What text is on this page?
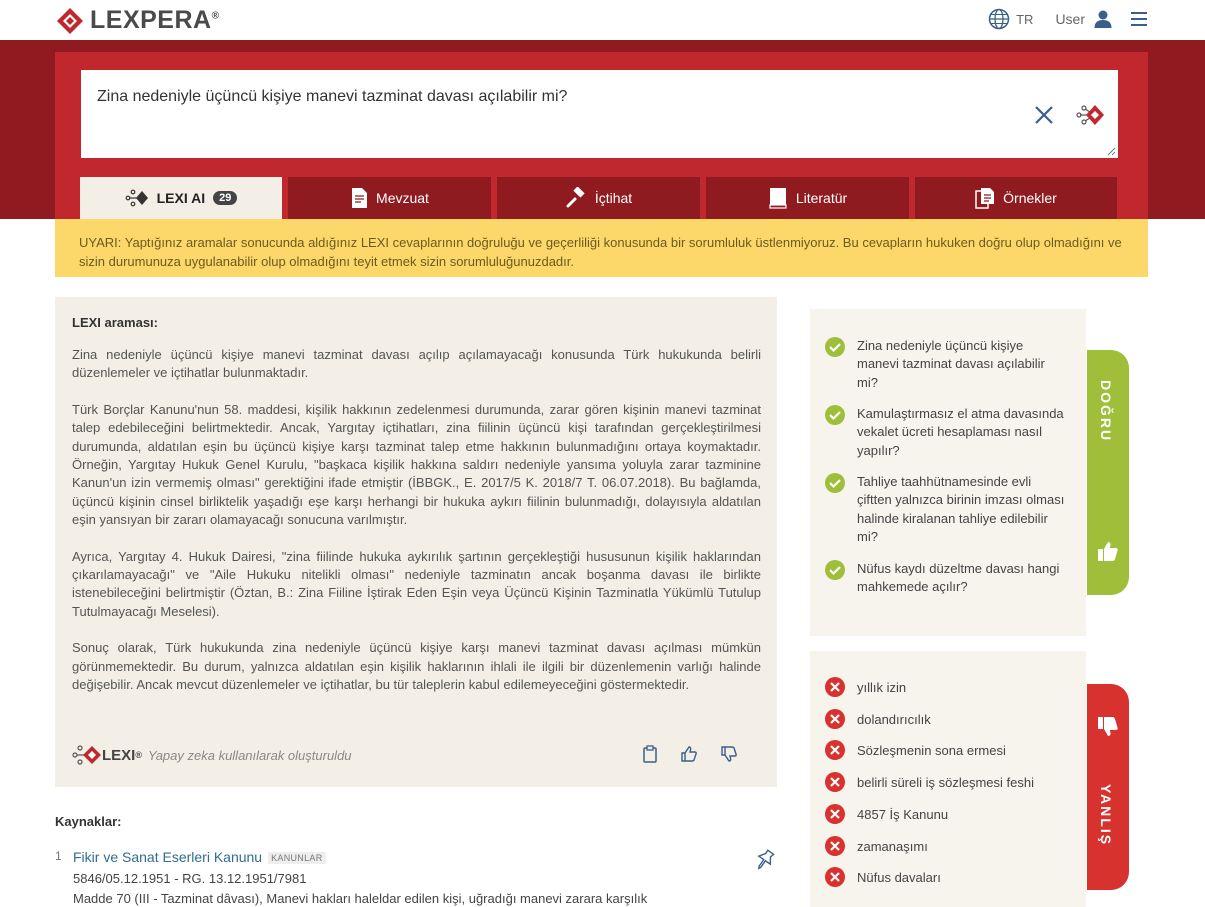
LEXPERA®	TR User
Zina nedeniyle üçüncü kişiye manevi tazminat davası açılabilir mi?
LEXI AI	29	Mevzuat	İçtihat	Literatür	Örnekler
UYARI: Yaptığınız aramalar sonucunda aldığınız LEXI cevaplarının doğruluğu ve geçerliliği konusunda bir sorumluluk üstlenmiyoruz. Bu cevapların hukuken doğru olup olmadığını ve sizin durumunuza uygulanabilir olup olmadığını teyit etmek sizin sorumluluğunuzdadır.
LEXI araması:

Zina nedeniyle üçüncü kişiye manevi tazminat davası açılıp açılamayacağı konusunda Türk hukukunda belirli düzenlemeler ve içtihatlar bulunmaktadır.

Türk Borçlar Kanunu'nun 58. maddesi, kişilik hakkının zedelenmesi durumunda, zarar gören kişinin manevi tazminat talep edebileceğini belirtmektedir. Ancak, Yargıtay içtihatları, zina fiilinin üçüncü kişi tarafından gerçekleştirilmesi durumunda, aldatılan eşin bu üçüncü kişiye karşı tazminat talep etme hakkının bulunmadığını ortaya koymaktadır. Örneğin, Yargıtay Hukuk Genel Kurulu, "başkaca kişilik hakkına saldırı nedeniyle yansıma yoluyla zarar tazminine Kanun'un izin vermemiş olması" gerektiğini ifade etmiştir (İBBGK., E. 2017/5 K. 2018/7 T. 06.07.2018). Bu bağlamda, üçüncü kişinin cinsel birliktelik yaşadığı eşe karşı herhangi bir hukuka aykırı fiilinin bulunmadığı, dolayısıyla aldatılan eşin yansıyan bir zararı olamayacağı sonucuna varılmıştır.

Ayrıca, Yargıtay 4. Hukuk Dairesi, "zina fiilinde hukuka aykırılık şartının gerçekleştiği hususunun kişilik haklarından çıkarılamayacağı" ve "Aile Hukuku nitelikli olması" nedeniyle tazminatın ancak boşanma davası ile birlikte istenebileceğini belirtmiştir (Öztan, B.: Zina Fiiline İştirak Eden Eşin veya Üçüncü Kişinin Tazminatla Yükümlü Tutulup Tutulmayacağı Meselesi).

Sonuç olarak, Türk hukukunda zina nedeniyle üçüncü kişiye karşı manevi tazminat davası açılması mümkün görünmemektedir. Bu durum, yalnızca aldatılan eşin kişilik haklarının ihlali ile ilgili bir düzenlemenin varlığı halinde değişebilir. Ancak mevcut düzenlemeler ve içtihatlar, bu tür taleplerin kabul edilemeyeceğini göstermektedir.

LEXI ® Yapay zeka kullanılarak oluşturuldu
Kaynaklar:
1 Fikir ve Sanat Eserleri Kanunu KANUNLAR
5846/05.12.1951 - RG. 13.12.1951/7981
Madde 70 (III - Tazminat dâvası), Manevi hakları haleldar edilen kişi, uğradığı manevi zarara karşılık
Zina nedeniyle üçüncü kişiye manevi tazminat davası açılabilir mi?
Kamulaştırmasız el atma davasında vekalet ücreti hesaplaması nasıl yapılır?
Tahliye taahhütnamesinde evli çiftten yalnızca birinin imzası olması halinde kiralanan tahliye edilebilir mi?
Nüfus kaydı düzeltme davası hangi mahkemede açılır?
DOĞRU
yıllık izin
dolandırıcılık
Sözleşmenin sona ermesi
belirli süreli iş sözleşmesi feshi
4857 İş Kanunu
zamanaşımı
Nüfus davaları
YANLIŞ
